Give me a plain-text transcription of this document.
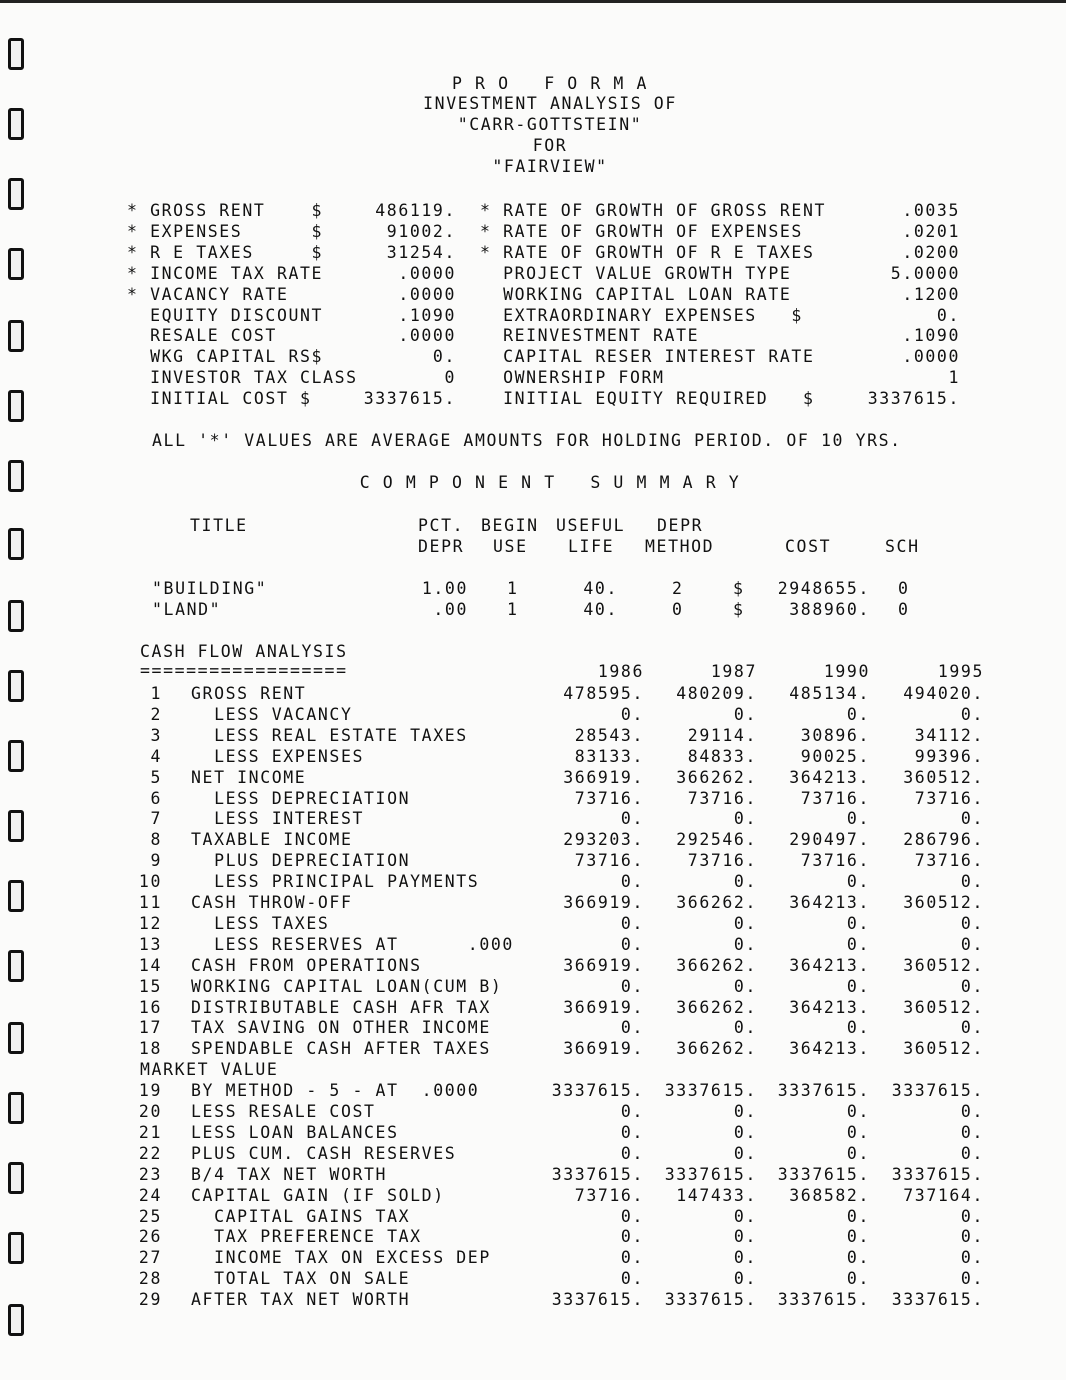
P R O   F O R M A
INVESTMENT ANALYSIS OF
"CARR-GOTTSTEIN"
FOR
"FAIRVIEW"
* GROSS RENT    $	486119.
* EXPENSES      $	91002.
* R E TAXES     $	31254.
* INCOME TAX RATE	.0000
* VACANCY RATE	.0000
EQUITY DISCOUNT	.1090
RESALE COST	.0000
WKG CAPITAL RS$	0.
INVESTOR TAX CLASS	0
INITIAL COST $	3337615.
* RATE OF GROWTH OF GROSS RENT	.0035
* RATE OF GROWTH OF EXPENSES	.0201
* RATE OF GROWTH OF R E TAXES	.0200
PROJECT VALUE GROWTH TYPE	5.0000
WORKING CAPITAL LOAN RATE	.1200
EXTRAORDINARY EXPENSES   $	0.
REINVESTMENT RATE	.1090
CAPITAL RESER INTEREST RATE	.0000
OWNERSHIP FORM	1
INITIAL EQUITY REQUIRED   $	3337615.
ALL '*' VALUES ARE AVERAGE AMOUNTS FOR HOLDING PERIOD. OF 10 YRS.
C O M P O N E N T   S U M M A R Y
TITLE	PCT. BEGIN USEFUL DEPR
DEPR USE LIFE METHOD	COST	SCH
"BUILDING"	1.00 1	40.	2	$	2948655. 0
"LAND"	.00 1	40.	0	$	388960. 0
CASH FLOW ANALYSIS
==================	1986	1987	1990	1995
1 GROSS RENT	478595.	480209.	485134.	494020.
2 LESS VACANCY	0.	0.	0.	0.
3 LESS REAL ESTATE TAXES	28543.	29114.	30896.	34112.
4 LESS EXPENSES	83133.	84833.	90025.	99396.
5 NET INCOME	366919.	366262.	364213.	360512.
6 LESS DEPRECIATION	73716.	73716.	73716.	73716.
7 LESS INTEREST	0.	0.	0.	0.
8 TAXABLE INCOME	293203.	292546.	290497.	286796.
9 PLUS DEPRECIATION	73716.	73716.	73716.	73716.
10 LESS PRINCIPAL PAYMENTS	0.	0.	0.	0.
11 CASH THROW-OFF	366919.	366262.	364213.	360512.
12 LESS TAXES	0.	0.	0.	0.
13 LESS RESERVES AT      .000	0.	0.	0.	0.
14 CASH FROM OPERATIONS	366919.	366262.	364213.	360512.
15 WORKING CAPITAL LOAN(CUM B)	0.	0.	0.	0.
16 DISTRIBUTABLE CASH AFR TAX	366919.	366262.	364213.	360512.
17 TAX SAVING ON OTHER INCOME	0.	0.	0.	0.
18 SPENDABLE CASH AFTER TAXES	366919.	366262.	364213.	360512.
19 BY METHOD - 5 - AT  .0000	3337615.	3337615.	3337615.	3337615.
20 LESS RESALE COST	0.	0.	0.	0.
21 LESS LOAN BALANCES	0.	0.	0.	0.
22 PLUS CUM. CASH RESERVES	0.	0.	0.	0.
23 B/4 TAX NET WORTH	3337615.	3337615.	3337615.	3337615.
24 CAPITAL GAIN (IF SOLD)	73716.	147433.	368582.	737164.
25 CAPITAL GAINS TAX	0.	0.	0.	0.
26 TAX PREFERENCE TAX	0.	0.	0.	0.
27 INCOME TAX ON EXCESS DEP	0.	0.	0.	0.
28 TOTAL TAX ON SALE	0.	0.	0.	0.
29 AFTER TAX NET WORTH	3337615.	3337615.	3337615.	3337615.
MARKET VALUE
